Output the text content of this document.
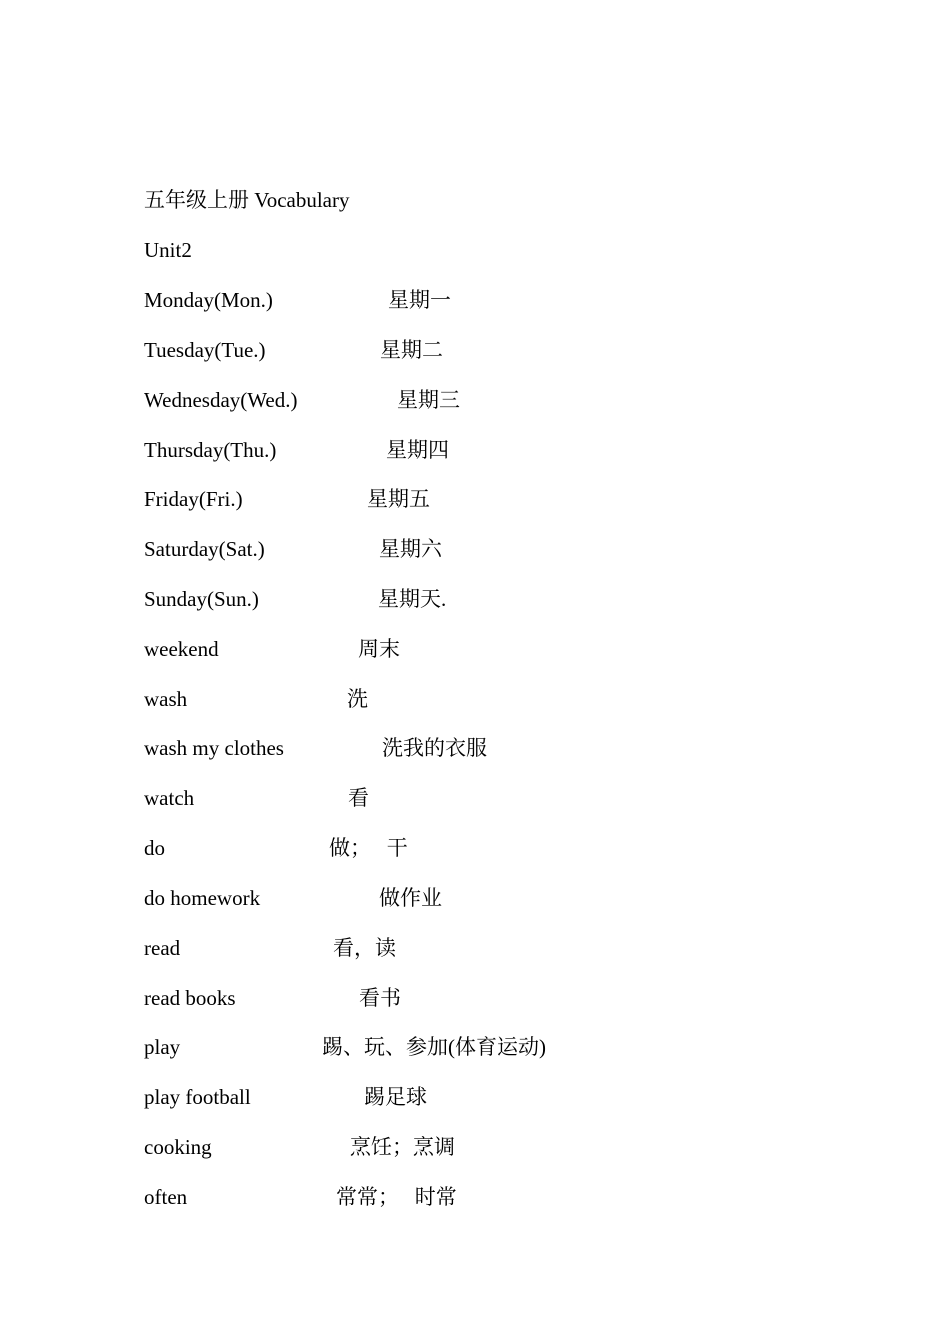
五年级上册 Vocabulary
Unit2

Monday(Mon.)

	星期一

Tuesday(Tue.)

	星期二

Wednesday(Wed.)

	星期三

Thursday(Thu.)

	星期四

Friday(Fri.)

	星期五

Saturday(Sat.)

	星期六

Sunday(Sun.)

	星期天.

weekend

	周末

wash

	洗

wash my clothes

	洗我的衣服

watch

	看

do

	做；   干

do homework

	做作业

read

	看，读

read books

	看书

play

	踢、玩、参加(体育运动)

play football

	踢足球

cooking

	烹饪；烹调

often

	常常；   时常
